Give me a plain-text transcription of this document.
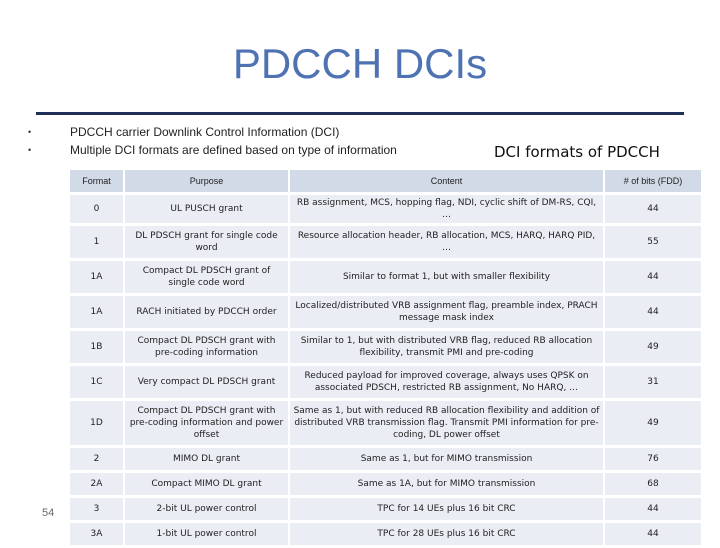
PDCCH DCIs
•	PDCCH carrier Downlink Control Information (DCI)
•	Multiple DCI formats are defined based on type of information	DCI formats of PDCCH
Format	Purpose	Content	# of bits (FDD)
0	UL PUSCH grant	RB assignment, MCS, hopping flag, NDI, cyclic shift of DM-RS, CQI, …	44
1	DL PDSCH grant for single code word	Resource allocation header, RB allocation, MCS, HARQ, HARQ PID, …	55
1A	Compact DL PDSCH grant of single code word	Similar to format 1, but with smaller flexibility	44
1A	RACH initiated by PDCCH order	Localized/distributed VRB assignment flag, preamble index, PRACH message mask index	44
1B	Compact DL PDSCH grant with pre-coding information	Similar to 1, but with distributed VRB flag, reduced RB allocation flexibility, transmit PMI and pre-coding	49
1C	Very compact DL PDSCH grant	Reduced payload for improved coverage, always uses QPSK on associated PDSCH, restricted RB assignment, No HARQ, …	31
1D	Compact DL PDSCH grant with pre-coding information and power offset	Same as 1, but with reduced RB allocation flexibility and addition of distributed VRB transmission flag. Transmit PMI information for pre-coding, DL power offset	49
2	MIMO DL grant	Same as 1, but for MIMO transmission	76
2A	Compact MIMO DL grant	Same as 1A, but for MIMO transmission	68
3	2-bit UL power control	TPC for 14 UEs plus 16 bit CRC	44
3A	1-bit UL power control	TPC for 28 UEs plus 16 bit CRC	44
54
